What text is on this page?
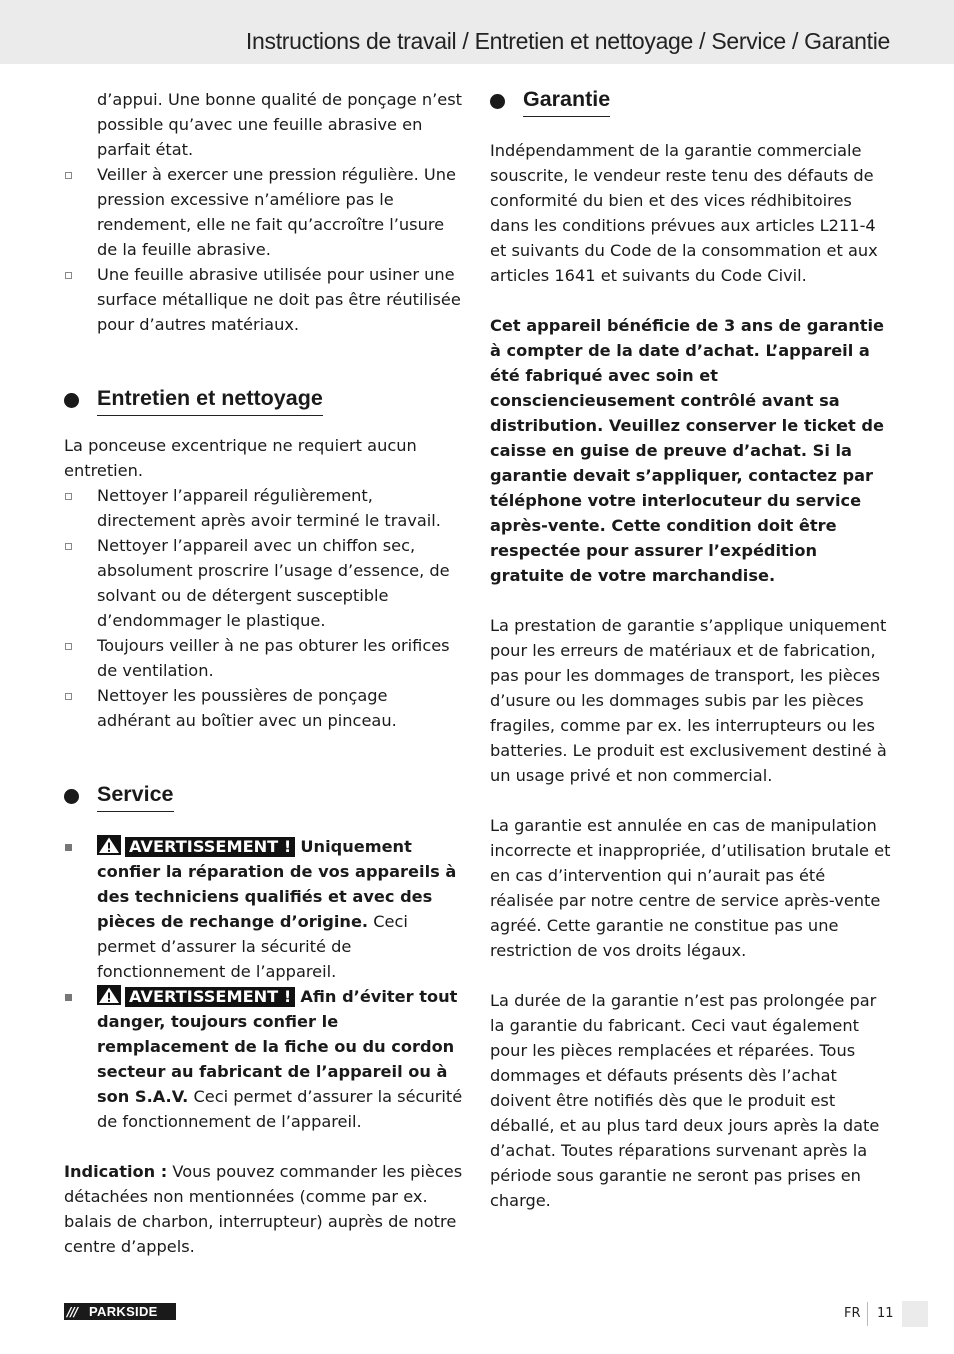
Instructions de travail / Entretien et nettoyage / Service / Garantie

d’appui. Une bonne qualité de ponçage n’est possible qu’avec une feuille abrasive en parfait état.

Veiller à exercer une pression régulière. Une pression excessive n’améliore pas le rendement, elle ne fait qu’accroître l’usure de la feuille abrasive.
Une feuille abrasive utilisée pour usiner une surface métallique ne doit pas être réutilisée pour d’autres matériaux.
Entretien et nettoyage

La ponceuse excentrique ne requiert aucun entretien.

Nettoyer l’appareil régulièrement, directement après avoir terminé le travail.
Nettoyer l’appareil avec un chiffon sec, absolument proscrire l’usage d’essence, de solvant ou de détergent susceptible d’endommager le plastique.
Toujours veiller à ne pas obturer les orifices de ventilation.
Nettoyer les poussières de ponçage adhérant au boîtier avec un pinceau.
Service
AVERTISSEMENT ! Uniquement confier la réparation de vos appareils à des techniciens qualifiés et avec des pièces de rechange d’origine. Ceci permet d’assurer la sécurité de fonctionnement de l’appareil.
AVERTISSEMENT ! Afin d’éviter tout danger, toujours confier le remplacement de la fiche ou du cordon secteur au fabricant de l’appareil ou à son S.A.V. Ceci permet d’assurer la sécurité de fonctionnement de l’appareil.

Indication : Vous pouvez commander les pièces détachées non mentionnées (comme par ex. balais de charbon, interrupteur) auprès de notre centre d’appels.

Garantie

Indépendamment de la garantie commerciale souscrite, le vendeur reste tenu des défauts de conformité du bien et des vices rédhibitoires dans les conditions prévues aux articles L211-4 et suivants du Code de la consommation et aux articles 1641 et suivants du Code Civil.

Cet appareil bénéficie de 3 ans de garantie à compter de la date d’achat. L’appareil a été fabriqué avec soin et consciencieusement contrôlé avant sa distribution. Veuillez conserver le ticket de caisse en guise de preuve d’achat. Si la garantie devait s’appliquer, contactez par téléphone votre interlocuteur du service après-vente. Cette condition doit être respectée pour assurer l’expédition gratuite de votre marchandise.

La prestation de garantie s’applique uniquement pour les erreurs de matériaux et de fabrication, pas pour les dommages de transport, les pièces d’usure ou les dommages subis par les pièces fragiles, comme par ex. les interrupteurs ou les batteries. Le produit est exclusivement destiné à un usage privé et non commercial.

La garantie est annulée en cas de manipulation incorrecte et inappropriée, d’utilisation brutale et en cas d’intervention qui n’aurait pas été réalisée par notre centre de service après-vente agréé. Cette garantie ne constitue pas une restriction de vos droits légaux.

La durée de la garantie n’est pas prolongée par la garantie du fabricant. Ceci vaut également pour les pièces remplacées et réparées. Tous dommages et défauts présents dès l’achat doivent être notifiés dès que le produit est déballé, et au plus tard deux jours après la date d’achat. Toutes réparations survenant après la période sous garantie ne seront pas prises en charge.

/// PARKSIDE	FR 11
